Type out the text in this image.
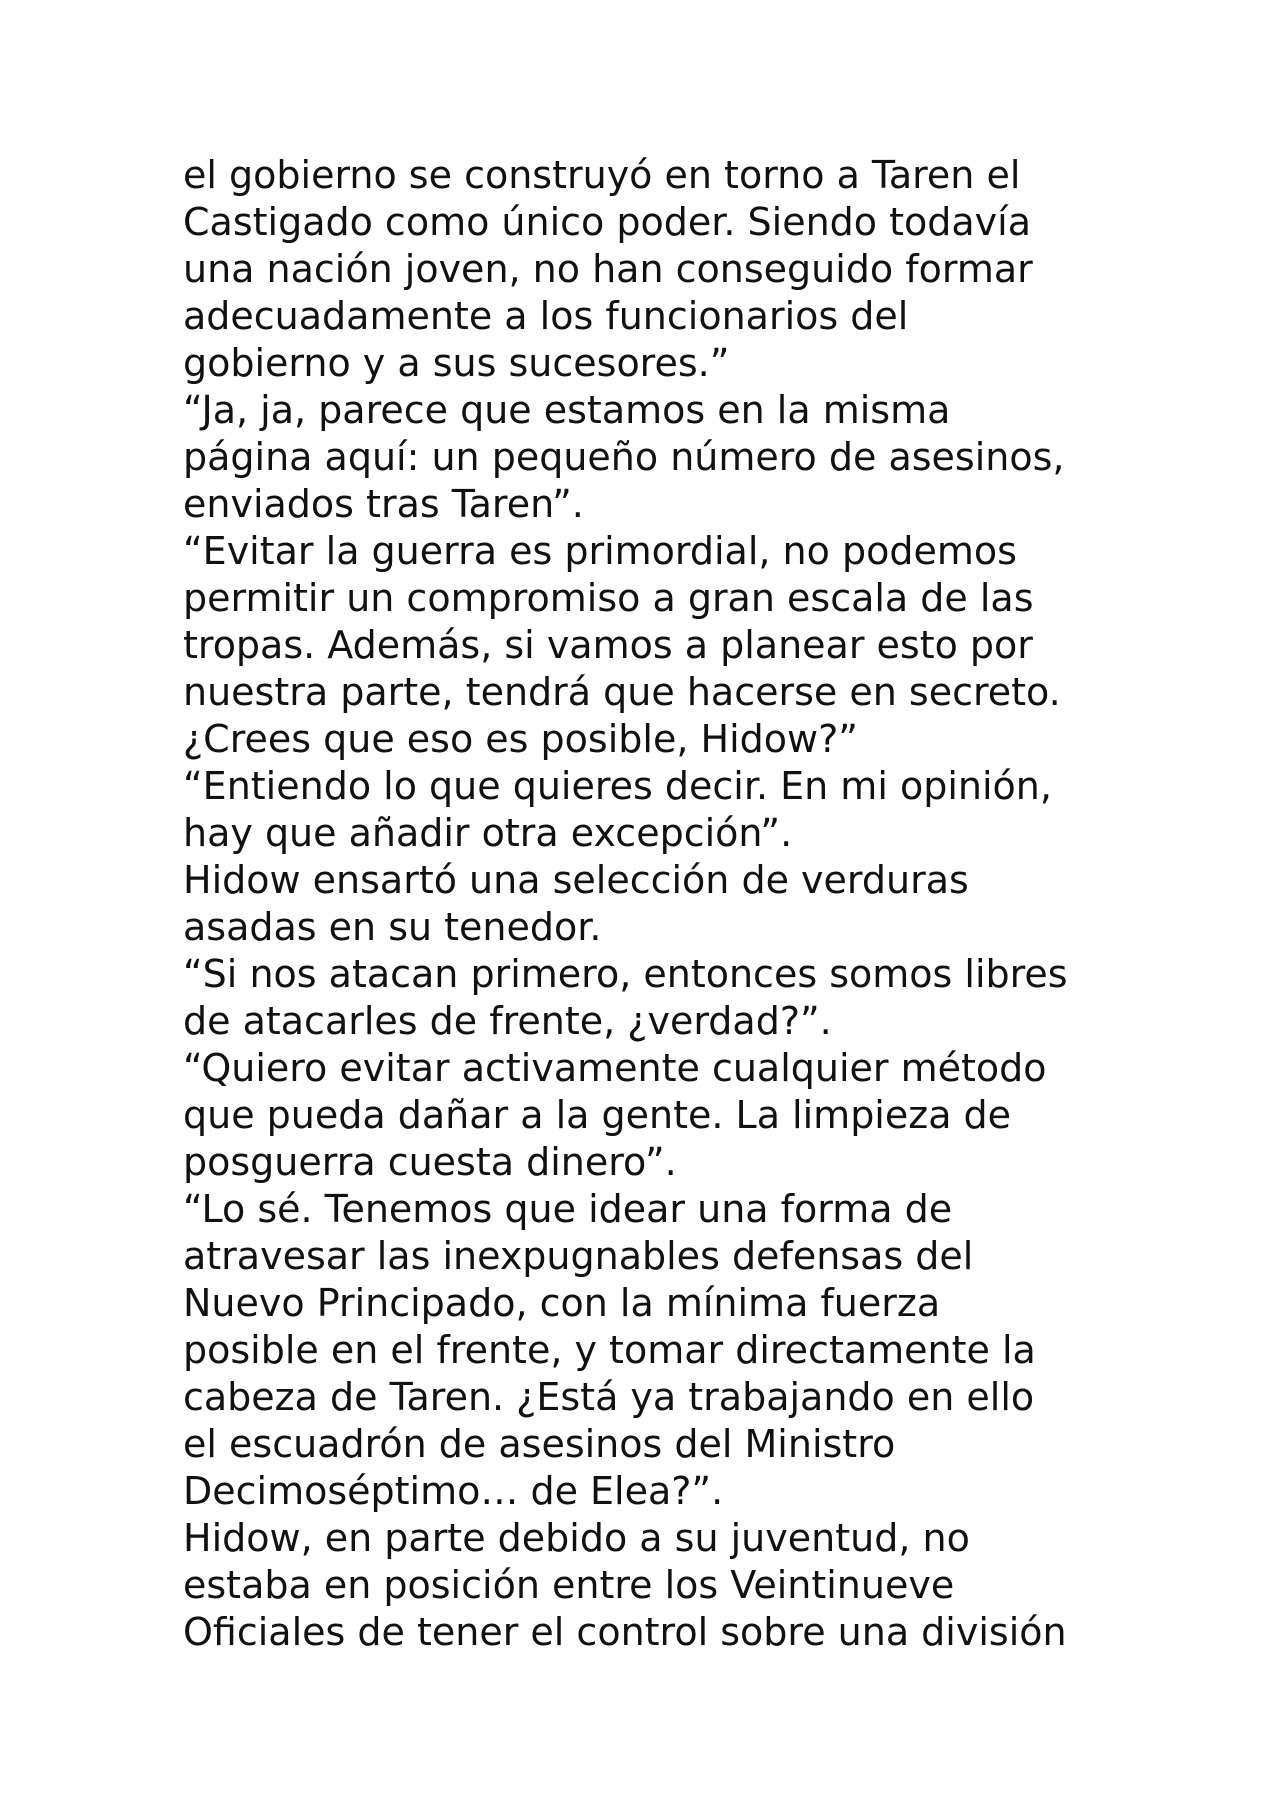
el gobierno se construyó en torno a Taren el
Castigado como único poder. Siendo todavía
una nación joven, no han conseguido formar
adecuadamente a los funcionarios del
gobierno y a sus sucesores.”
“Ja, ja, parece que estamos en la misma
página aquí: un pequeño número de asesinos,
enviados tras Taren”.
“Evitar la guerra es primordial, no podemos
permitir un compromiso a gran escala de las
tropas. Además, si vamos a planear esto por
nuestra parte, tendrá que hacerse en secreto.
¿Crees que eso es posible, Hidow?”
“Entiendo lo que quieres decir. En mi opinión,
hay que añadir otra excepción”.
Hidow ensartó una selección de verduras
asadas en su tenedor.
“Si nos atacan primero, entonces somos libres
de atacarles de frente, ¿verdad?”.
“Quiero evitar activamente cualquier método
que pueda dañar a la gente. La limpieza de
posguerra cuesta dinero”.
“Lo sé. Tenemos que idear una forma de
atravesar las inexpugnables defensas del
Nuevo Principado, con la mínima fuerza
posible en el frente, y tomar directamente la
cabeza de Taren. ¿Está ya trabajando en ello
el escuadrón de asesinos del Ministro
Decimoséptimo… de Elea?”.
Hidow, en parte debido a su juventud, no
estaba en posición entre los Veintinueve
Oficiales de tener el control sobre una división
